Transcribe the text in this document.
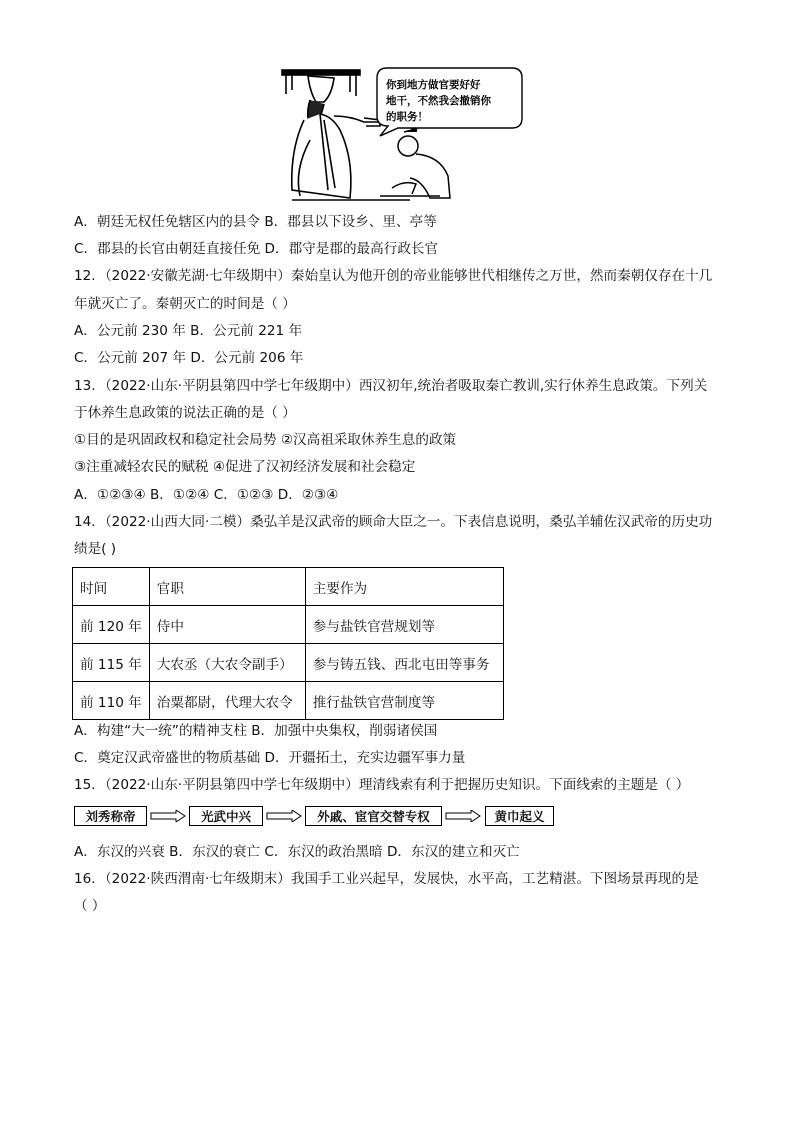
你到地方做官要好好
地干，不然我会撤销你
的职务！
A．朝廷无权任免辖区内的县令 B．郡县以下设乡、里、亭等
C．郡县的长官由朝廷直接任免 D．郡守是郡的最高行政长官
12．（2022·安徽芜湖·七年级期中）秦始皇认为他开创的帝业能够世代相继传之万世，然而秦朝仅存在十几
年就灭亡了。秦朝灭亡的时间是（ ）
A．公元前 230 年 B．公元前 221 年
C．公元前 207 年 D．公元前 206 年
13．（2022·山东·平阴县第四中学七年级期中）西汉初年,统治者吸取秦亡教训,实行休养生息政策。下列关
于休养生息政策的说法正确的是（ ）
①目的是巩固政权和稳定社会局势 ②汉高祖采取休养生息的政策
③注重减轻农民的赋税 ④促进了汉初经济发展和社会稳定
A．①②③④ B．①②④ C．①②③ D．②③④
14．（2022·山西大同·二模）桑弘羊是汉武帝的顾命大臣之一。下表信息说明，桑弘羊辅佐汉武帝的历史功
绩是( )
时间	官职	主要作为
前 120 年	侍中	参与盐铁官营规划等
前 115 年	大农丞（大农令副手）	参与铸五钱、西北屯田等事务
前 110 年	治粟都尉，代理大农令	推行盐铁官营制度等
A．构建“大一统”的精神支柱 B．加强中央集权，削弱诸侯国
C．奠定汉武帝盛世的物质基础 D．开疆拓土，充实边疆军事力量
15．（2022·山东·平阴县第四中学七年级期中）理清线索有利于把握历史知识。下面线索的主题是（ ）
刘秀称帝	光武中兴	外戚、宦官交替专权	黄巾起义
A．东汉的兴衰 B．东汉的衰亡 C．东汉的政治黑暗 D．东汉的建立和灭亡
16．（2022·陕西渭南·七年级期末）我国手工业兴起早，发展快，水平高，工艺精湛。下图场景再现的是
（ ）
